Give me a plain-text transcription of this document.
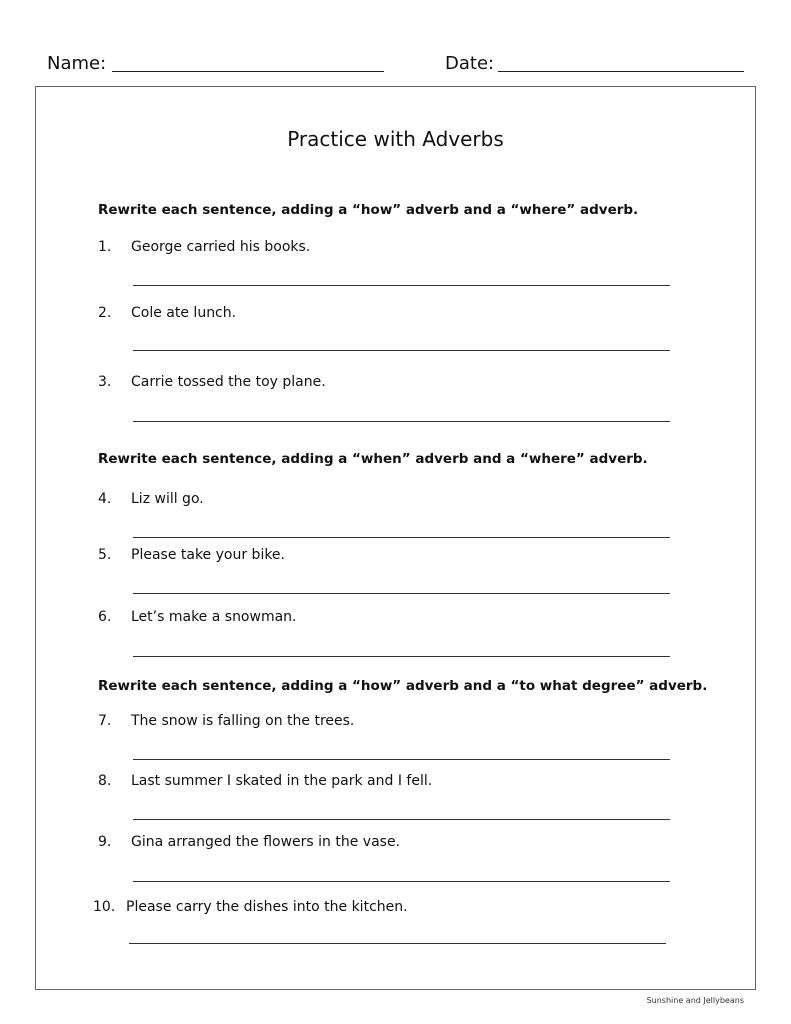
Name:	Date:
Practice with Adverbs
Rewrite each sentence, adding a “how” adverb and a “where” adverb.
1. George carried his books.
2. Cole ate lunch.
3. Carrie tossed the toy plane.
Rewrite each sentence, adding a “when” adverb and a “where” adverb.
4. Liz will go.
5. Please take your bike.
6. Let’s make a snowman.
Rewrite each sentence, adding a “how” adverb and a “to what degree” adverb.
7. The snow is falling on the trees.
8. Last summer I skated in the park and I fell.
9. Gina arranged the flowers in the vase.
10. Please carry the dishes into the kitchen.
Sunshine and Jellybeans
